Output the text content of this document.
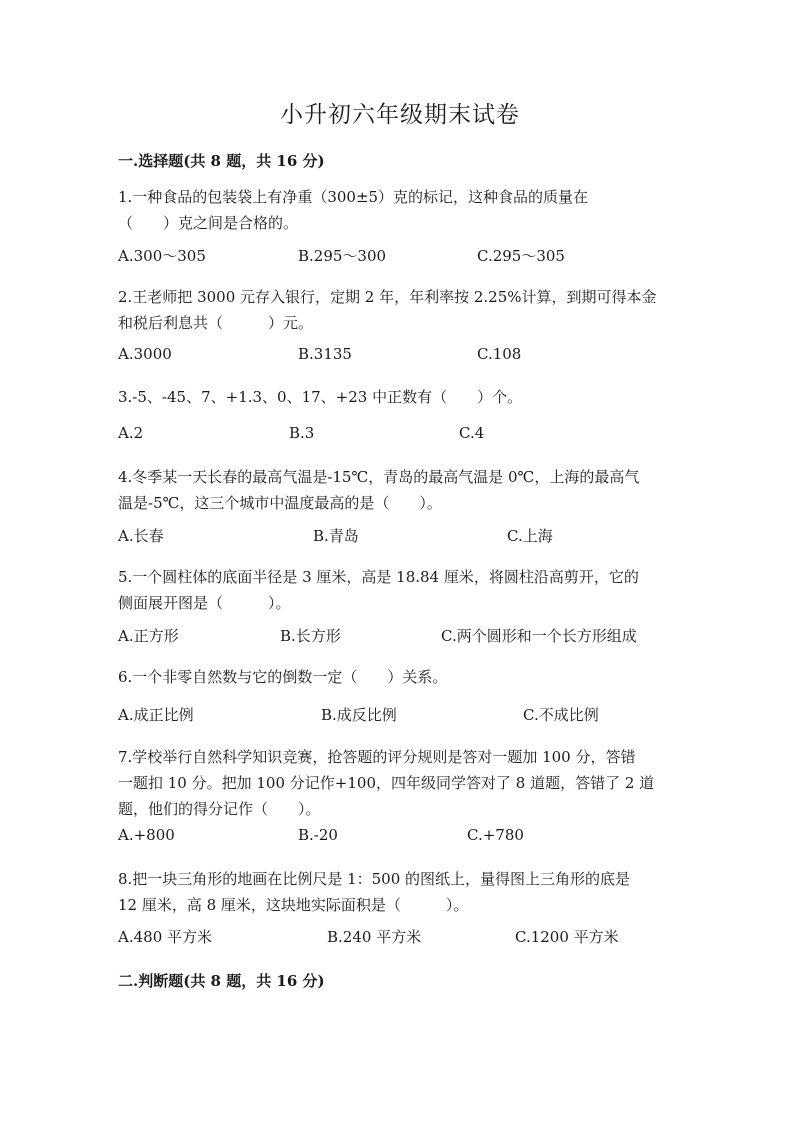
小升初六年级期末试卷
一.选择题(共 8 题，共 16 分)
1.一种食品的包装袋上有净重（300±5）克的标记，这种食品的质量在
（　　）克之间是合格的。
A.300～305	B.295～300	C.295～305
2.王老师把 3000 元存入银行，定期 2 年，年利率按 2.25%计算，到期可得本金
和税后利息共（　　　）元。
A.3000	B.3135	C.108
3.-5、-45、7、+1.3、0、17、+23 中正数有（　　）个。
A.2	B.3	C.4
4.冬季某一天长春的最高气温是-15℃，青岛的最高气温是 0℃，上海的最高气
温是-5℃，这三个城市中温度最高的是（　　）。
A.长春	B.青岛	C.上海
5.一个圆柱体的底面半径是 3 厘米，高是 18.84 厘米，将圆柱沿高剪开，它的
侧面展开图是（　　　）。
A.正方形	B.长方形	C.两个圆形和一个长方形组成
6.一个非零自然数与它的倒数一定（　　）关系。
A.成正比例	B.成反比例	C.不成比例
7.学校举行自然科学知识竞赛，抢答题的评分规则是答对一题加 100 分，答错
一题扣 10 分。把加 100 分记作+100，四年级同学答对了 8 道题，答错了 2 道
题，他们的得分记作（　　）。
A.+800	B.-20	C.+780
8.把一块三角形的地画在比例尺是 1：500 的图纸上，量得图上三角形的底是
12 厘米，高 8 厘米，这块地实际面积是（　　　）。
A.480 平方米	B.240 平方米	C.1200 平方米
二.判断题(共 8 题，共 16 分)
